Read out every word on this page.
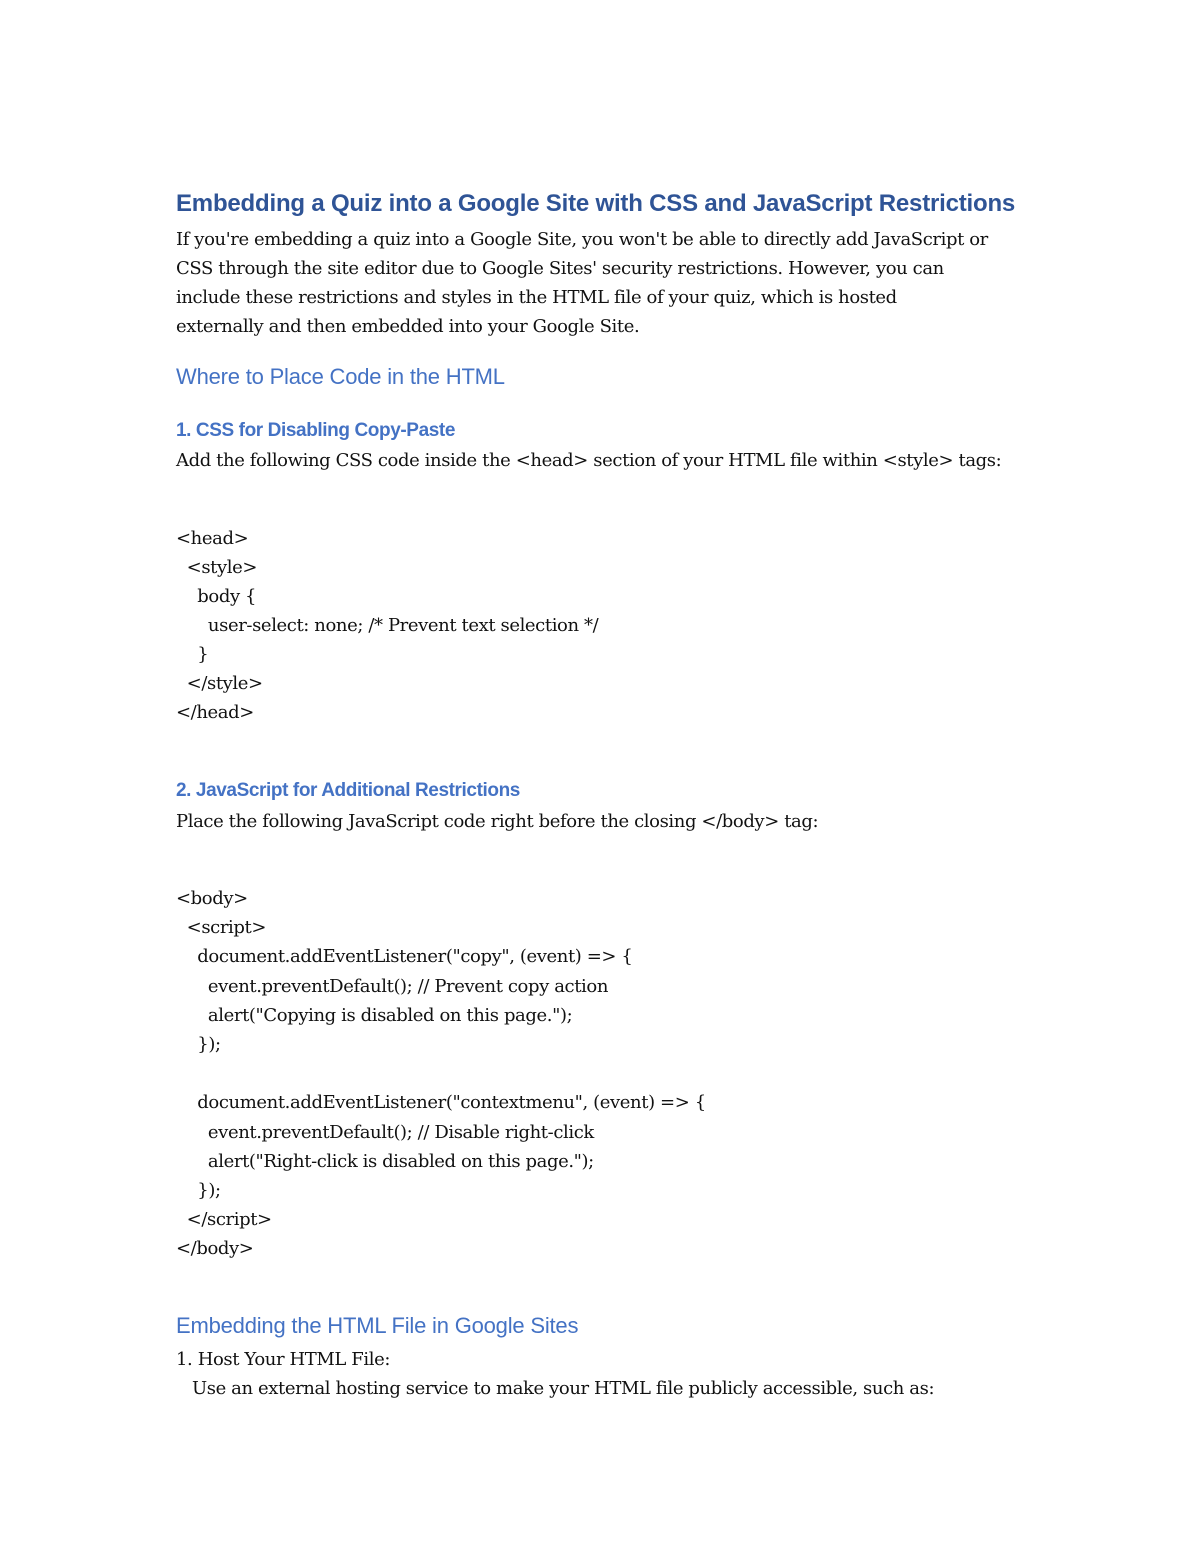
Embedding a Quiz into a Google Site with CSS and JavaScript Restrictions
If you're embedding a quiz into a Google Site, you won't be able to directly add JavaScript or
CSS through the site editor due to Google Sites' security restrictions. However, you can
include these restrictions and styles in the HTML file of your quiz, which is hosted
externally and then embedded into your Google Site.
Where to Place Code in the HTML
1. CSS for Disabling Copy-Paste
Add the following CSS code inside the <head> section of your HTML file within <style> tags:
<head>
<style>
body {
user-select: none; /* Prevent text selection */
}
</style>
</head>
2. JavaScript for Additional Restrictions
Place the following JavaScript code right before the closing </body> tag:
<body>
<script>
document.addEventListener("copy", (event) => {
event.preventDefault(); // Prevent copy action
alert("Copying is disabled on this page.");
});
document.addEventListener("contextmenu", (event) => {
event.preventDefault(); // Disable right-click
alert("Right-click is disabled on this page.");
});
</script>
</body>
Embedding the HTML File in Google Sites
1. Host Your HTML File:
Use an external hosting service to make your HTML file publicly accessible, such as:
